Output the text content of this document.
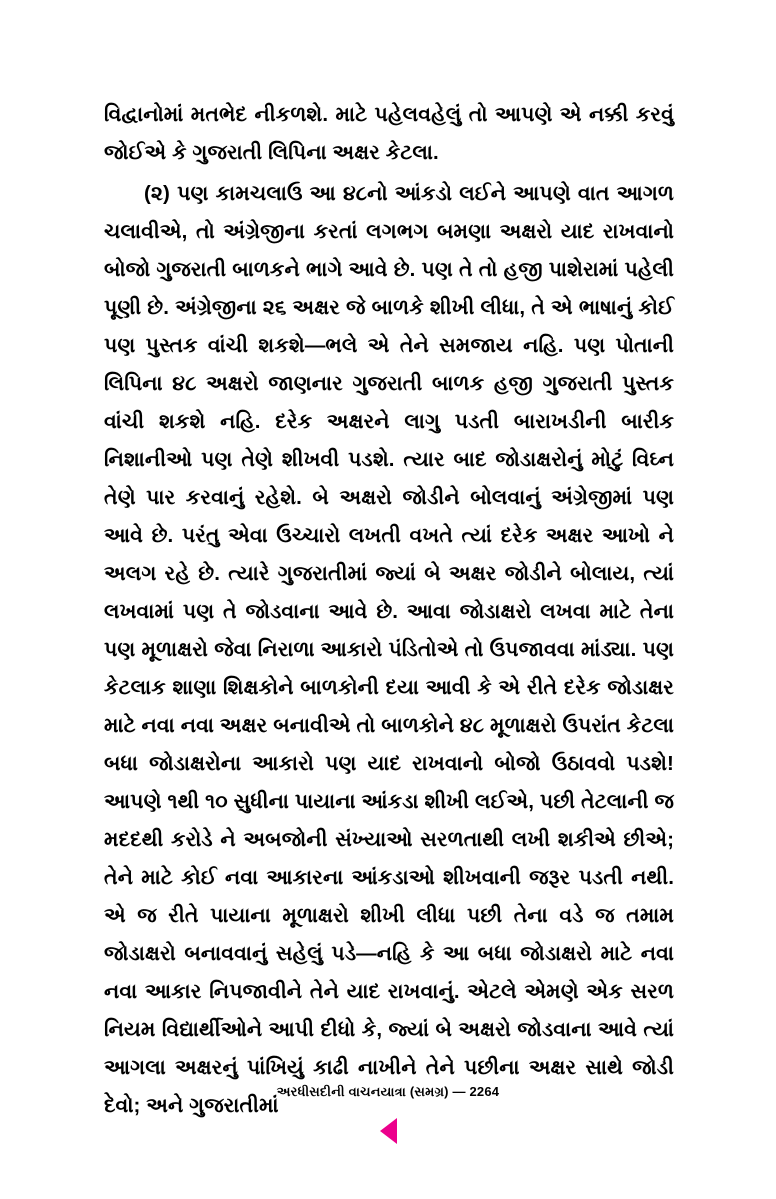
વિદ્વાનોમાં મતભેદ નીકળશે. માટે પહેલવહેલું તો આપણે એ નક્કી કરવું જોઈએ કે ગુજરાતી લિપિના અક્ષર કેટલા.

(૨) પણ કામચલાઉ આ ૪૮નો આંકડો લઈને આપણે વાત આગળ ચલાવીએ, તો અંગ્રેજીના કરતાં લગભગ બમણા અક્ષરો યાદ રાખવાનો બોજો ગુજરાતી બાળકને ભાગે આવે છે. પણ તે તો હજી પાશેરામાં પહેલી પૂણી છે. અંગ્રેજીના ૨૬ અક્ષર જે બાળકે શીખી લીધા, તે એ ભાષાનું કોઈ પણ પુસ્તક વાંચી શકશે—ભલે એ તેને સમજાય નહિ. પણ પોતાની લિપિના ૪૮ અક્ષરો જાણનાર ગુજરાતી બાળક હજી ગુજરાતી પુસ્તક વાંચી શકશે નહિ. દરેક અક્ષરને લાગુ પડતી બારાખડીની બારીક નિશાનીઓ પણ તેણે શીખવી પડશે. ત્યાર બાદ જોડાક્ષરોનું મોટું વિઘ્ન તેણે પાર કરવાનું રહેશે. બે અક્ષરો જોડીને બોલવાનું અંગ્રેજીમાં પણ આવે છે. પરંતુ એવા ઉચ્ચારો લખતી વખતે ત્યાં દરેક અક્ષર આખો ને અલગ રહે છે. ત્યારે ગુજરાતીમાં જ્યાં બે અક્ષર જોડીને બોલાય, ત્યાં લખવામાં પણ તે જોડવાના આવે છે. આવા જોડાક્ષરો લખવા માટે તેના પણ મૂળાક્ષરો જેવા નિરાળા આકારો પંડિતોએ તો ઉપજાવવા માંડ્યા. પણ કેટલાક શાણા શિક્ષકોને બાળકોની દયા આવી કે એ રીતે દરેક જોડાક્ષર માટે નવા નવા અક્ષર બનાવીએ તો બાળકોને ૪૮ મૂળાક્ષરો ઉપરાંત કેટલા બધા જોડાક્ષરોના આકારો પણ યાદ રાખવાનો બોજો ઉઠાવવો પડશે! આપણે ૧થી ૧૦ સુધીના પાયાના આંકડા શીખી લઈએ, પછી તેટલાની જ મદદથી કરોડે ને અબજોની સંખ્યાઓ સરળતાથી લખી શકીએ છીએ; તેને માટે કોઈ નવા આકારના આંકડાઓ શીખવાની જરૂર પડતી નથી. એ જ રીતે પાયાના મૂળાક્ષરો શીખી લીધા પછી તેના વડે જ તમામ જોડાક્ષરો બનાવવાનું સહેલું પડે—નહિ કે આ બધા જોડાક્ષરો માટે નવા નવા આકાર નિપજાવીને તેને યાદ રાખવાનું. એટલે એમણે એક સરળ નિયમ વિદ્યાર્થીઓને આપી દીધો કે, જ્યાં બે અક્ષરો જોડવાના આવે ત્યાં આગલા અક્ષરનું પાંખિયું કાઢી નાખીને તેને પછીના અક્ષર સાથે જોડી દેવો; અને ગુજરાતીમાં

અરધીસદીની વાચનયાત્રા (સમગ્ર) — 2264
